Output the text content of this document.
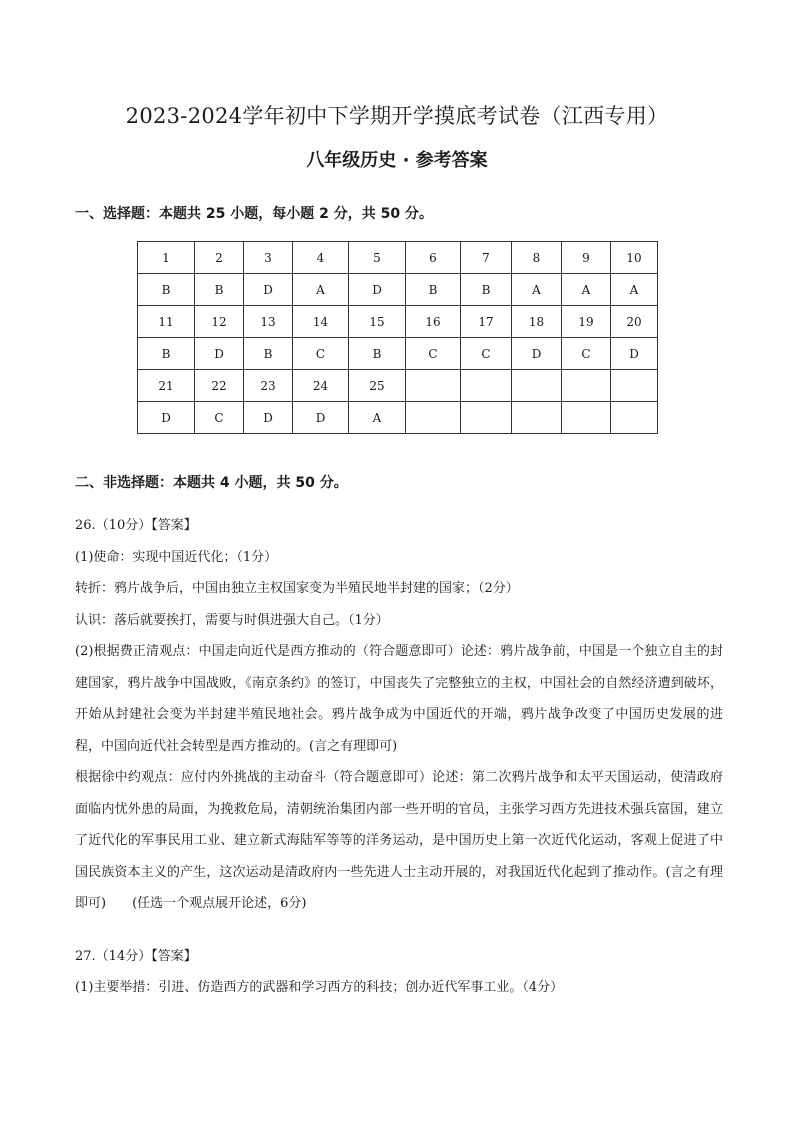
2023-2024学年初中下学期开学摸底考试卷（江西专用）
八年级历史 · 参考答案
一、选择题：本题共 25 小题，每小题 2 分，共 50 分。
1	2	3	4	5	6	7	8	9	10
B	B	D	A	D	B	B	A	A	A
11	12	13	14	15	16	17	18	19	20
B	D	B	C	B	C	C	D	C	D
21	22	23	24	25					
D	C	D	D	A					
二、非选择题：本题共 4 小题，共 50 分。

26.（10分）【答案】

(1)使命：实现中国近代化；（1分）

转折：鸦片战争后，中国由独立主权国家变为半殖民地半封建的国家；（2分）

认识：落后就要挨打，需要与时俱进强大自己。（1分）

(2)根据费正清观点：中国走向近代是西方推动的（符合题意即可）论述：鸦片战争前，中国是一个独立自主的封建国家，鸦片战争中国战败，《南京条约》的签订，中国丧失了完整独立的主权，中国社会的自然经济遭到破坏，开始从封建社会变为半封建半殖民地社会。鸦片战争成为中国近代的开端，鸦片战争改变了中国历史发展的进程，中国向近代社会转型是西方推动的。(言之有理即可)

根据徐中约观点：应付内外挑战的主动奋斗（符合题意即可）论述：第二次鸦片战争和太平天国运动，使清政府面临内忧外患的局面，为挽救危局，清朝统治集团内部一些开明的官员，主张学习西方先进技术强兵富国，建立了近代化的军事民用工业、建立新式海陆军等等的洋务运动，是中国历史上第一次近代化运动，客观上促进了中国民族资本主义的产生，这次运动是清政府内一些先进人士主动开展的，对我国近代化起到了推动作。(言之有理即可)　　(任选一个观点展开论述，6分)

27.（14分）【答案】

(1)主要举措：引进、仿造西方的武器和学习西方的科技；创办近代军事工业。（4分）
